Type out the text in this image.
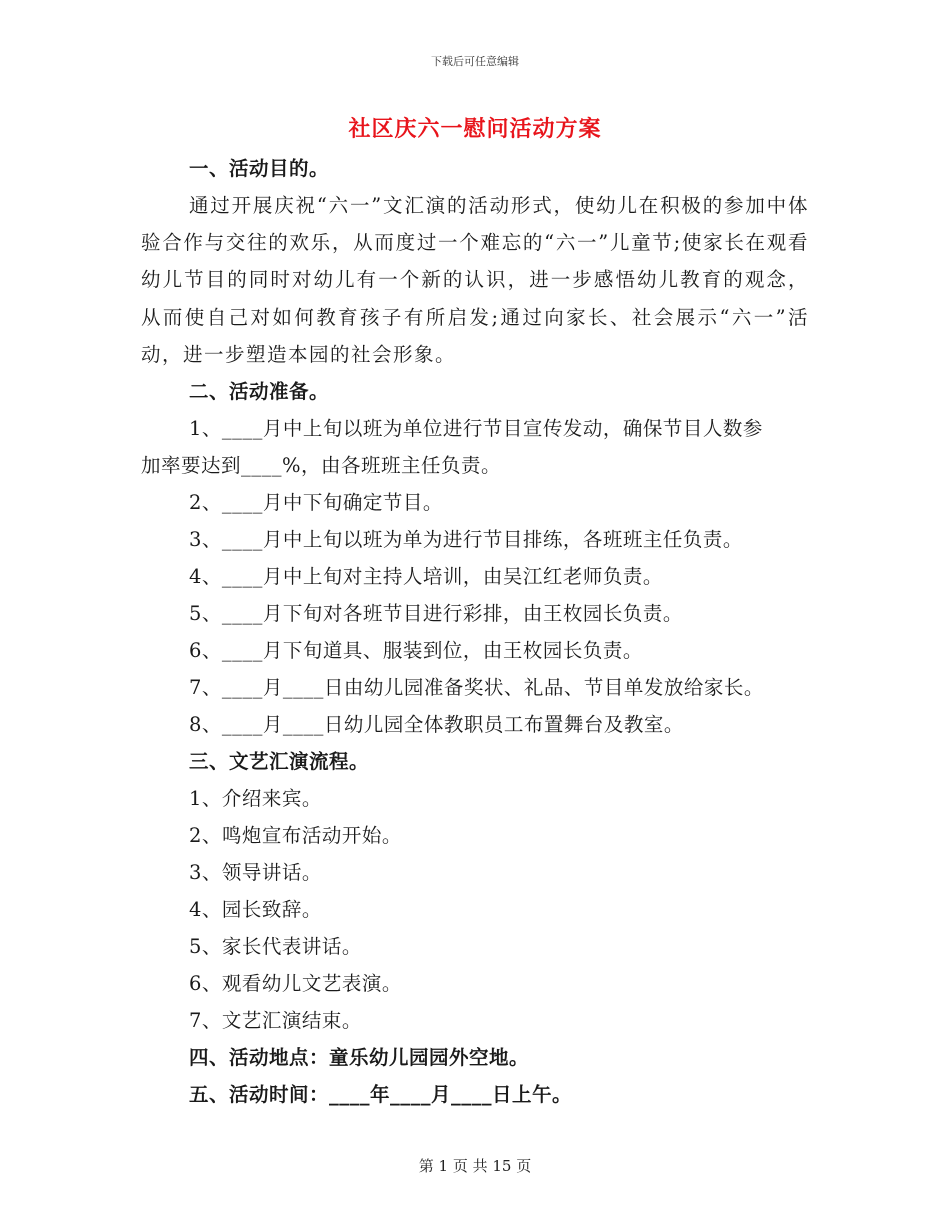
下载后可任意编辑
社区庆六一慰问活动方案
一、活动目的。
通过开展庆祝“六一”文汇演的活动形式，使幼儿在积极的参加中体验合作与交往的欢乐，从而度过一个难忘的“六一”儿童节;使家长在观看幼儿节目的同时对幼儿有一个新的认识，进一步感悟幼儿教育的观念，从而使自己对如何教育孩子有所启发;通过向家长、社会展示“六一”活动，进一步塑造本园的社会形象。
二、活动准备。
1、____月中上旬以班为单位进行节目宣传发动，确保节目人数参
加率要达到____%，由各班班主任负责。
2、____月中下旬确定节目。
3、____月中上旬以班为单为进行节目排练，各班班主任负责。
4、____月中上旬对主持人培训，由吴江红老师负责。
5、____月下旬对各班节目进行彩排，由王枚园长负责。
6、____月下旬道具、服装到位，由王枚园长负责。
7、____月____日由幼儿园准备奖状、礼品、节目单发放给家长。
8、____月____日幼儿园全体教职员工布置舞台及教室。
三、文艺汇演流程。
1、介绍来宾。
2、鸣炮宣布活动开始。
3、领导讲话。
4、园长致辞。
5、家长代表讲话。
6、观看幼儿文艺表演。
7、文艺汇演结束。
四、活动地点：童乐幼儿园园外空地。
五、活动时间：____年____月____日上午。
第 1 页 共 15 页
